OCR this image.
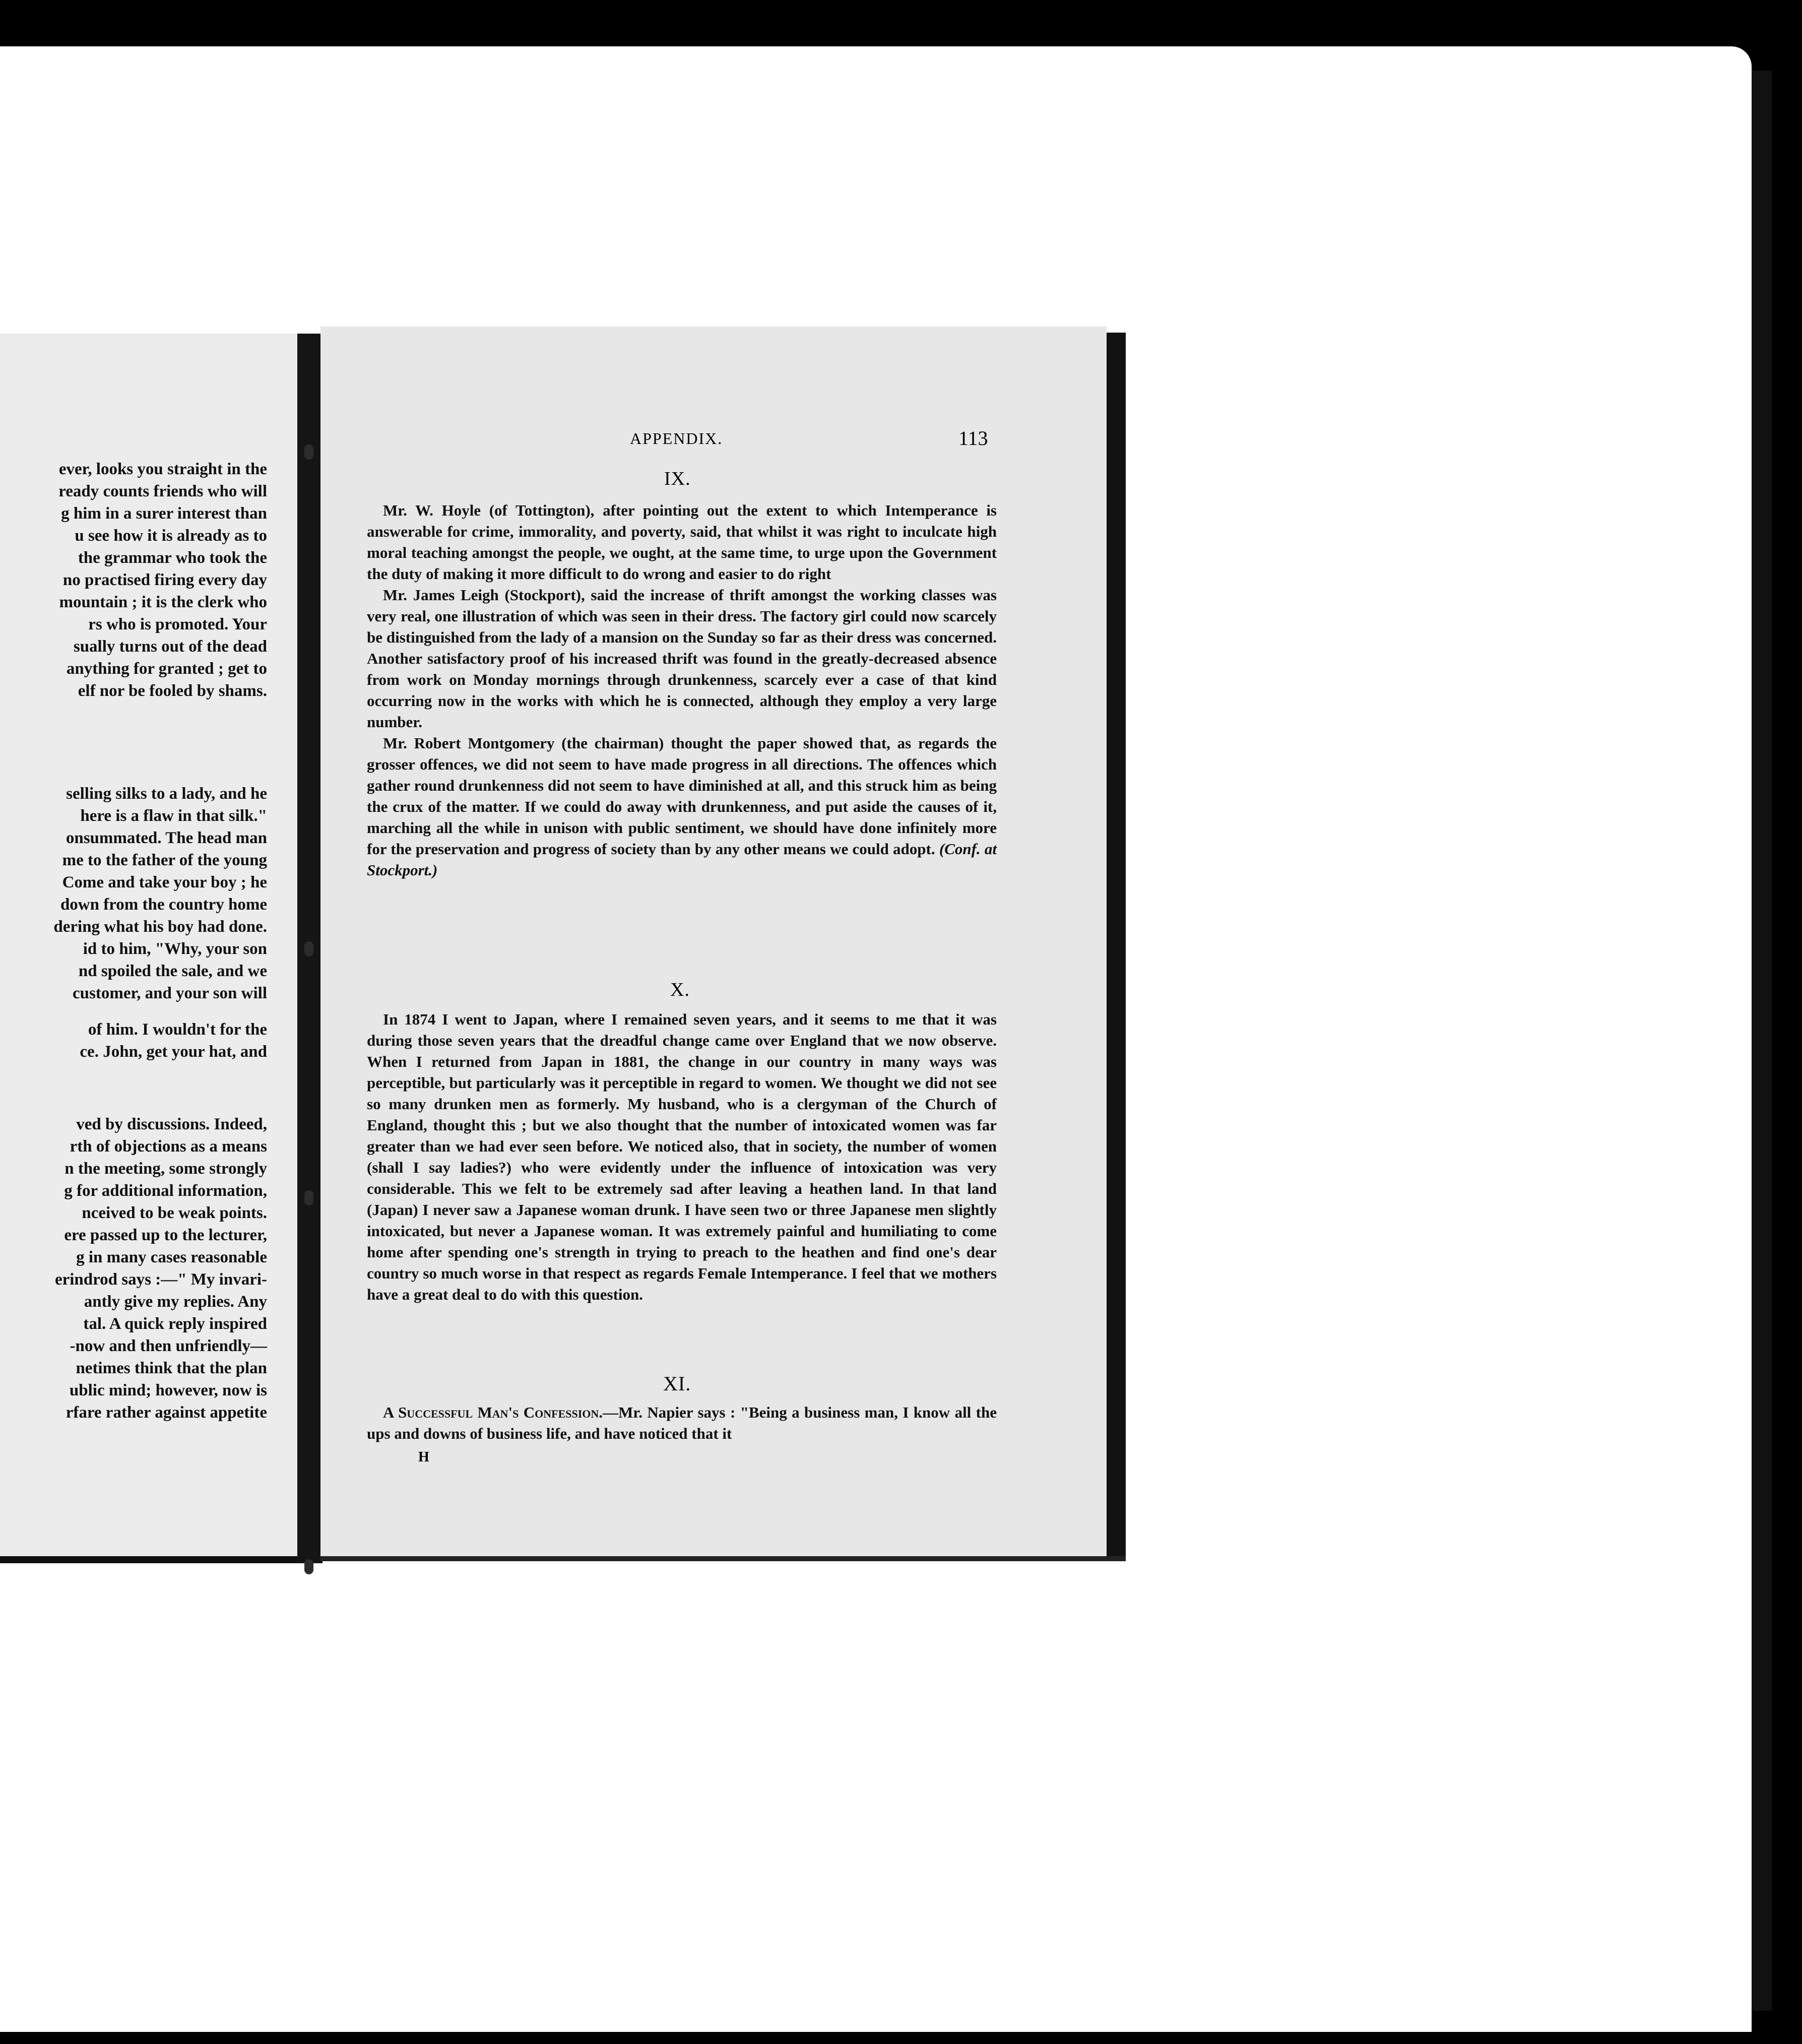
ever, looks you straight in the
ready counts friends who will
g him in a surer interest than
u see how it is already as to
the grammar who took the
no practised firing every day
mountain ; it is the clerk who
rs who is promoted. Your
sually turns out of the dead
anything for granted ; get to
elf nor be fooled by shams.
selling silks to a lady, and he
here is a flaw in that silk."
onsummated. The head man
me to the father of the young
Come and take your boy ; he
down from the country home
dering what his boy had done.
id to him, "Why, your son
nd spoiled the sale, and we
customer, and your son will
of him. I wouldn't for the
ce. John, get your hat, and
ved by discussions. Indeed,
rth of objections as a means
n the meeting, some strongly
g for additional information,
nceived to be weak points.
ere passed up to the lecturer,
g in many cases reasonable
erindrod says :—" My invari-
antly give my replies. Any
tal. A quick reply inspired
-now and then unfriendly—
netimes think that the plan
ublic mind; however, now is
rfare rather against appetite
APPENDIX.	113
IX.

Mr. W. Hoyle (of Tottington), after pointing out the extent to which Intemperance is answerable for crime, immorality, and poverty, said, that whilst it was right to inculcate high moral teaching amongst the people, we ought, at the same time, to urge upon the Government the duty of making it more difficult to do wrong and easier to do right

Mr. James Leigh (Stockport), said the increase of thrift amongst the working classes was very real, one illustration of which was seen in their dress. The factory girl could now scarcely be distinguished from the lady of a mansion on the Sunday so far as their dress was concerned. Another satisfactory proof of his increased thrift was found in the greatly-decreased absence from work on Monday mornings through drunkenness, scarcely ever a case of that kind occurring now in the works with which he is connected, although they employ a very large number.

Mr. Robert Montgomery (the chairman) thought the paper showed that, as regards the grosser offences, we did not seem to have made progress in all directions. The offences which gather round drunkenness did not seem to have diminished at all, and this struck him as being the crux of the matter. If we could do away with drunkenness, and put aside the causes of it, marching all the while in unison with public sentiment, we should have done infinitely more for the preservation and progress of society than by any other means we could adopt. (Conf. at Stockport.)

X.

In 1874 I went to Japan, where I remained seven years, and it seems to me that it was during those seven years that the dreadful change came over England that we now observe. When I returned from Japan in 1881, the change in our country in many ways was perceptible, but particularly was it perceptible in regard to women. We thought we did not see so many drunken men as formerly. My husband, who is a clergyman of the Church of England, thought this ; but we also thought that the number of intoxicated women was far greater than we had ever seen before. We noticed also, that in society, the number of women (shall I say ladies?) who were evidently under the influence of intoxication was very considerable. This we felt to be extremely sad after leaving a heathen land. In that land (Japan) I never saw a Japanese woman drunk. I have seen two or three Japanese men slightly intoxicated, but never a Japanese woman. It was extremely painful and humiliating to come home after spending one's strength in trying to preach to the heathen and find one's dear country so much worse in that respect as regards Female Intemperance. I feel that we mothers have a great deal to do with this question.

XI.

A Successful Man's Confession.—Mr. Napier says : "Being a business man, I know all the ups and downs of business life, and have noticed that it

H
